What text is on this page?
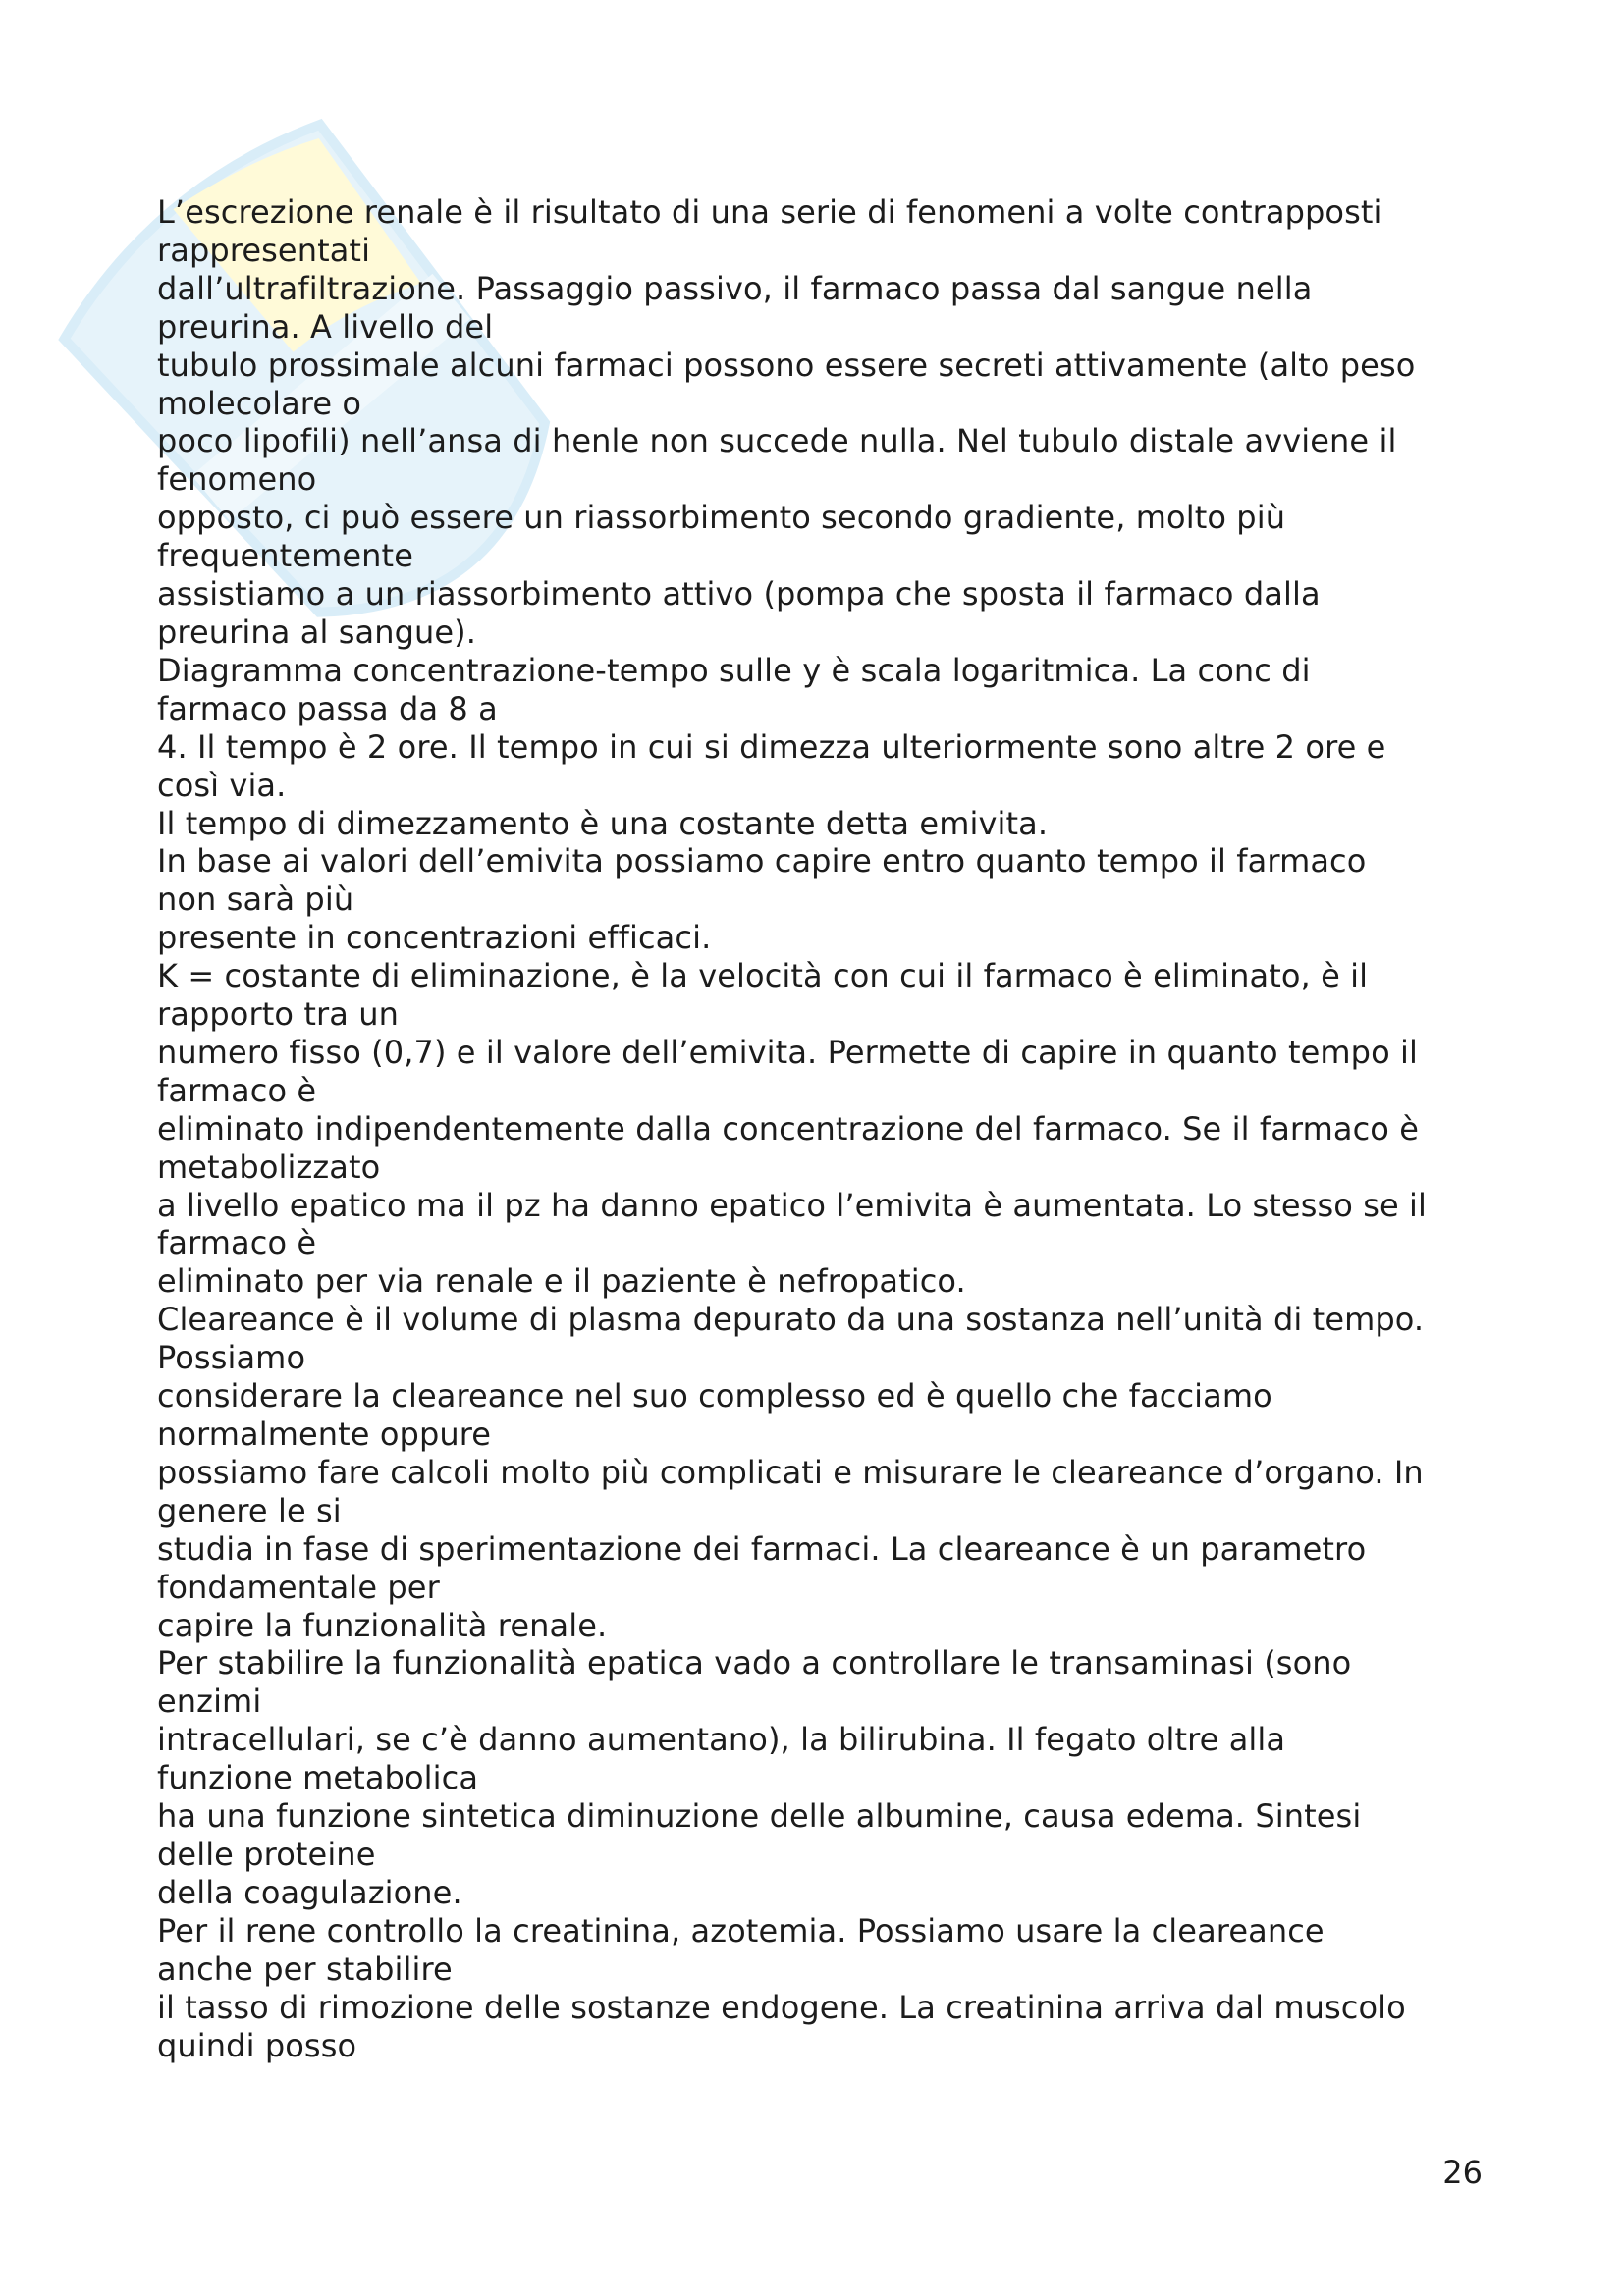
L’escrezione renale è il risultato di una serie di fenomeni a volte contrapposti
rappresentati
dall’ultrafiltrazione. Passaggio passivo, il farmaco passa dal sangue nella
preurina. A livello del
tubulo prossimale alcuni farmaci possono essere secreti attivamente (alto peso
molecolare o
poco lipofili) nell’ansa di henle non succede nulla. Nel tubulo distale avviene il
fenomeno
opposto, ci può essere un riassorbimento secondo gradiente, molto più
frequentemente
assistiamo a un riassorbimento attivo (pompa che sposta il farmaco dalla
preurina al sangue).
Diagramma concentrazione-tempo sulle y è scala logaritmica. La conc di
farmaco passa da 8 a
4. Il tempo è 2 ore. Il tempo in cui si dimezza ulteriormente sono altre 2 ore e
così via.
Il tempo di dimezzamento è una costante detta emivita.
In base ai valori dell’emivita possiamo capire entro quanto tempo il farmaco
non sarà più
presente in concentrazioni efficaci.
K = costante di eliminazione, è la velocità con cui il farmaco è eliminato, è il
rapporto tra un
numero fisso (0,7) e il valore dell’emivita. Permette di capire in quanto tempo il
farmaco è
eliminato indipendentemente dalla concentrazione del farmaco. Se il farmaco è
metabolizzato
a livello epatico ma il pz ha danno epatico l’emivita è aumentata. Lo stesso se il
farmaco è
eliminato per via renale e il paziente è nefropatico.
Cleareance è il volume di plasma depurato da una sostanza nell’unità di tempo.
Possiamo
considerare la cleareance nel suo complesso ed è quello che facciamo
normalmente oppure
possiamo fare calcoli molto più complicati e misurare le cleareance d’organo. In
genere le si
studia in fase di sperimentazione dei farmaci. La cleareance è un parametro
fondamentale per
capire la funzionalità renale.
Per stabilire la funzionalità epatica vado a controllare le transaminasi (sono
enzimi
intracellulari, se c’è danno aumentano), la bilirubina. Il fegato oltre alla
funzione metabolica
ha una funzione sintetica diminuzione delle albumine, causa edema. Sintesi
delle proteine
della coagulazione.
Per il rene controllo la creatinina, azotemia. Possiamo usare la cleareance
anche per stabilire
il tasso di rimozione delle sostanze endogene. La creatinina arriva dal muscolo
quindi posso
26
